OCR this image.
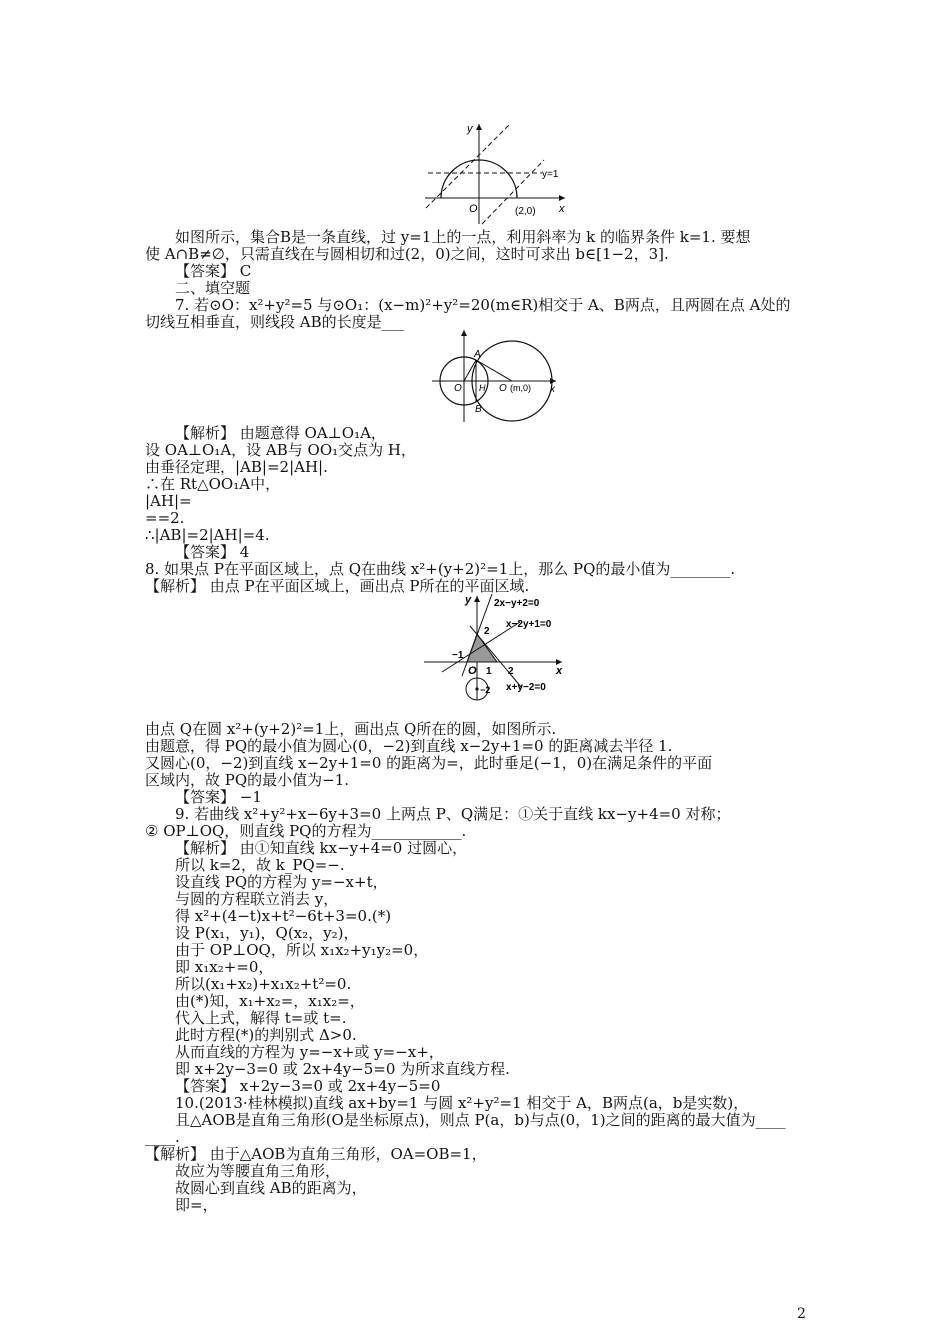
y
x
O
y=1
(2,0)
A
B
H
O	O (m,0) x
y
x
O
2x−y+2=0
x−2y+1=0
x+y−2=0
2
−1
1 2
−2
如图所示，集合B是一条直线，过 y=1上的一点，利用斜率为 k 的临界条件 k=1. 要想
使 A∩B≠∅，只需直线在与圆相切和过(2，0)之间，这时可求出 b∈[1−2，3].
【答案】 C
二、填空题
7. 若⊙O：x²+y²=5 与⊙O₁：(x−m)²+y²=20(m∈R)相交于 A、B两点，且两圆在点 A处的
切线互相垂直，则线段 AB的长度是___
【解析】 由题意得 OA⊥O₁A，
设 OA⊥O₁A，设 AB与 OO₁交点为 H，
由垂径定理，|AB|=2|AH|.
∴在 Rt△OO₁A中，
|AH|=
==2.
∴|AB|=2|AH|=4.
【答案】 4
8. 如果点 P在平面区域上，点 Q在曲线 x²+(y+2)²=1上，那么 PQ的最小值为________.
【解析】 由点 P在平面区域上，画出点 P所在的平面区域.
由点 Q在圆 x²+(y+2)²=1上，画出点 Q所在的圆，如图所示.
由题意，得 PQ的最小值为圆心(0，−2)到直线 x−2y+1=0 的距离减去半径 1.
又圆心(0，−2)到直线 x−2y+1=0 的距离为=，此时垂足(−1，0)在满足条件的平面
区域内，故 PQ的最小值为−1.
【答案】 −1
9. 若曲线 x²+y²+x−6y+3=0 上两点 P、Q满足：①关于直线 kx−y+4=0 对称；
② OP⊥OQ，则直线 PQ的方程为____________.
【解析】 由①知直线 kx−y+4=0 过圆心，
所以 k=2，故 k_PQ=−.
设直线 PQ的方程为 y=−x+t，
与圆的方程联立消去 y，
得 x²+(4−t)x+t²−6t+3=0.(*)
设 P(x₁，y₁)，Q(x₂，y₂)，
由于 OP⊥OQ，所以 x₁x₂+y₁y₂=0，
即 x₁x₂+=0，
所以(x₁+x₂)+x₁x₂+t²=0.
由(*)知，x₁+x₂=，x₁x₂=，
代入上式，解得 t=或 t=.
此时方程(*)的判别式 Δ>0.
从而直线的方程为 y=−x+或 y=−x+，
即 x+2y−3=0 或 2x+4y−5=0 为所求直线方程.
【答案】 x+2y−3=0 或 2x+4y−5=0
10.(2013·桂林模拟)直线 ax+by=1 与圆 x²+y²=1 相交于 A，B两点(a，b是实数)，
且△AOB是直角三角形(O是坐标原点)，则点 P(a，b)与点(0，1)之间的距离的最大值为____
____.
【解析】 由于△AOB为直角三角形，OA=OB=1，
故应为等腰直角三角形，
故圆心到直线 AB的距离为，
即=，
2
